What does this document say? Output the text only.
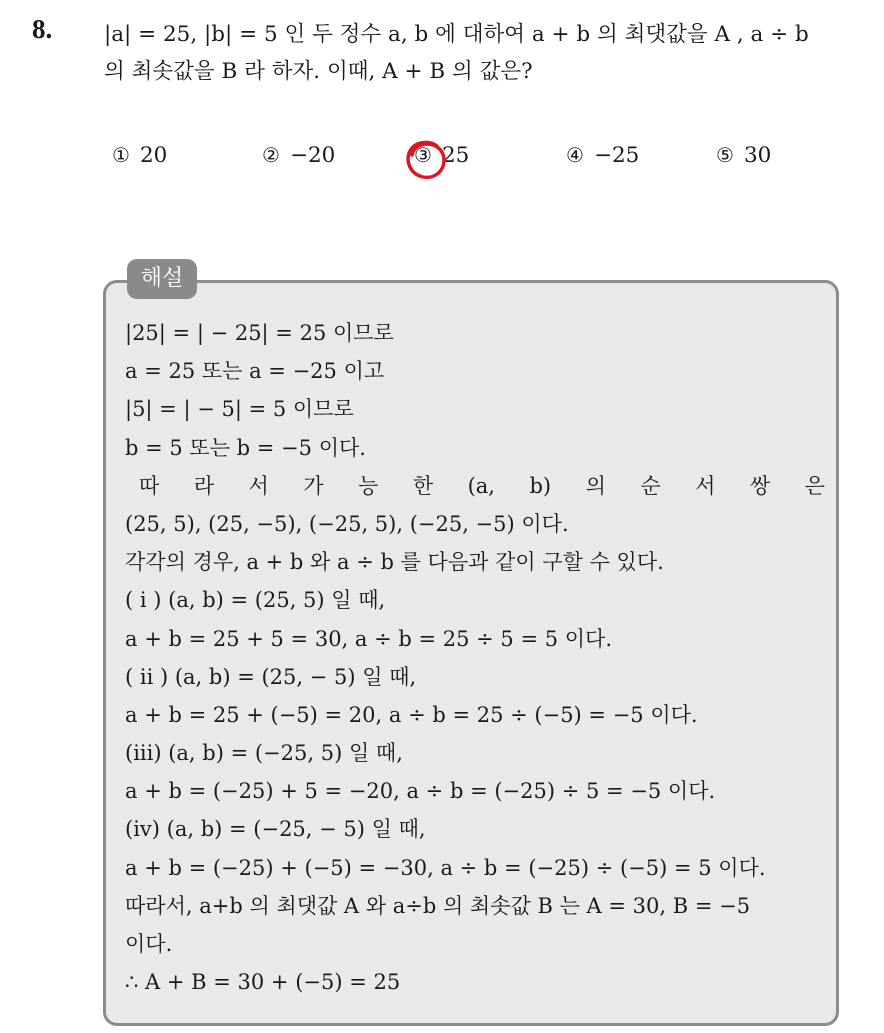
8. |a| = 25, |b| = 5 인 두 정수 a, b 에 대하여 a + b 의 최댓값을 A , a ÷ b
의 최솟값을 B 라 하자. 이때, A + B 의 값은?
① 20	② −20	③ 25	④ −25	⑤ 30
해설
|25| = | − 25| = 25 이므로
a = 25 또는 a = −25 이고
|5| = | − 5| = 5 이므로
b = 5 또는 b = −5 이다.
따 라 서 가 능 한 (a, b) 의 순 서 쌍 은
(25, 5), (25, −5), (−25, 5), (−25, −5) 이다.
각각의 경우, a + b 와 a ÷ b 를 다음과 같이 구할 수 있다.
( i ) (a, b) = (25, 5) 일 때,
a + b = 25 + 5 = 30, a ÷ b = 25 ÷ 5 = 5 이다.
( ii ) (a, b) = (25, − 5) 일 때,
a + b = 25 + (−5) = 20, a ÷ b = 25 ÷ (−5) = −5 이다.
(iii) (a, b) = (−25, 5) 일 때,
a + b = (−25) + 5 = −20, a ÷ b = (−25) ÷ 5 = −5 이다.
(iv) (a, b) = (−25, − 5) 일 때,
a + b = (−25) + (−5) = −30, a ÷ b = (−25) ÷ (−5) = 5 이다.
따라서, a+b 의 최댓값 A 와 a÷b 의 최솟값 B 는 A = 30, B = −5
이다.
∴ A + B = 30 + (−5) = 25
